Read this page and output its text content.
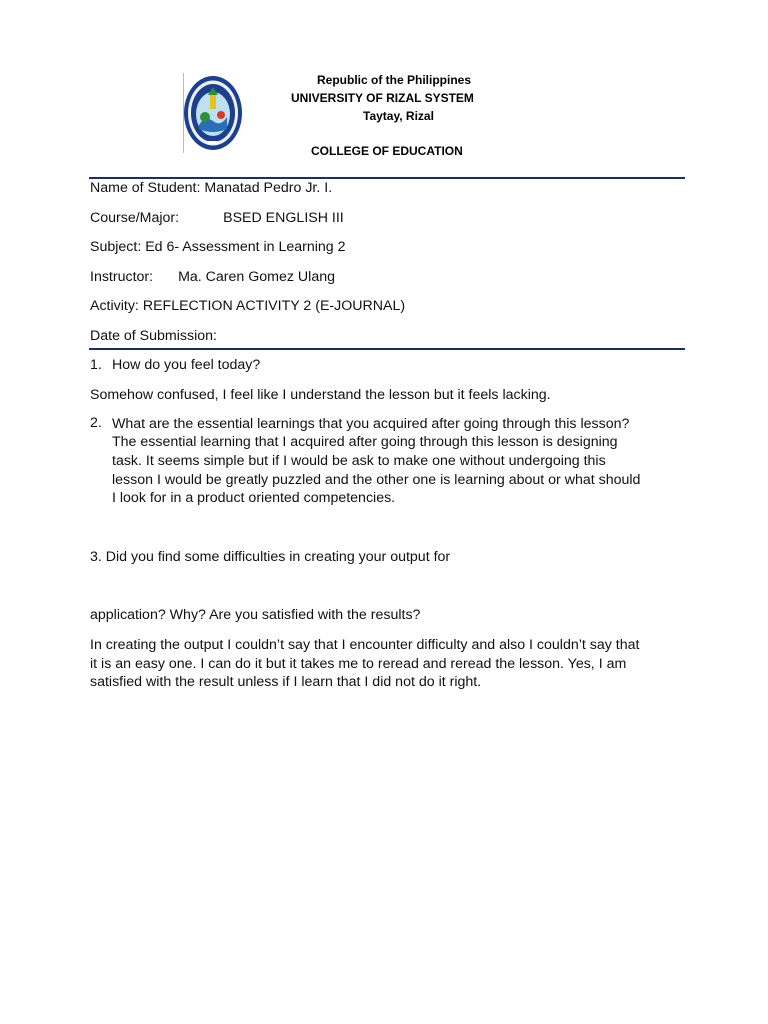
Republic of the Philippines
UNIVERSITY OF RIZAL SYSTEM
Taytay, Rizal
COLLEGE OF EDUCATION
Name of Student: Manatad Pedro Jr. I.
Course/Major:	BSED ENGLISH III
Subject: Ed 6- Assessment in Learning 2
Instructor: Ma. Caren Gomez Ulang
Activity: REFLECTION ACTIVITY 2 (E-JOURNAL)
Date of Submission:
1. How do you feel today?
Somehow confused, I feel like I understand the lesson but it feels lacking.
2. What are the essential learnings that you acquired after going through this lesson?
The essential learning that I acquired after going through this lesson is designing
task. It seems simple but if I would be ask to make one without undergoing this
lesson I would be greatly puzzled and the other one is learning about or what should
I look for in a product oriented competencies.
3. Did you find some difficulties in creating your output for
application? Why? Are you satisfied with the results?
In creating the output I couldn’t say that I encounter difficulty and also I couldn’t say that
it is an easy one. I can do it but it takes me to reread and reread the lesson. Yes, I am
satisfied with the result unless if I learn that I did not do it right.
